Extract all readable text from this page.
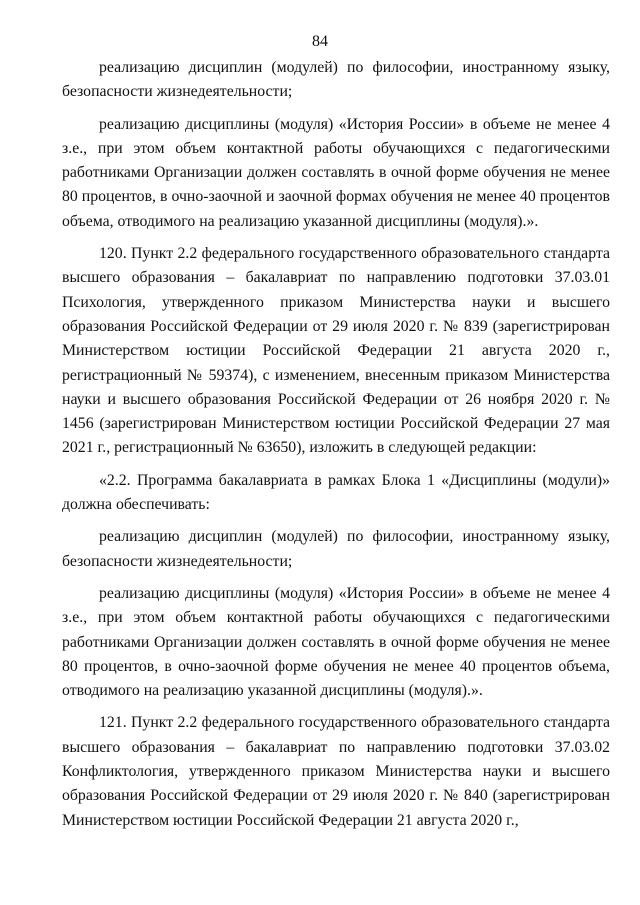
84

реализацию дисциплин (модулей) по философии, иностранному языку, безопасности жизнедеятельности;

реализацию дисциплины (модуля) «История России» в объеме не менее 4 з.е., при этом объем контактной работы обучающихся с педагогическими работниками Организации должен составлять в очной форме обучения не менее 80 процентов, в очно-заочной и заочной формах обучения не менее 40 процентов объема, отводимого на реализацию указанной дисциплины (модуля).».

120. Пункт 2.2 федерального государственного образовательного стандарта высшего образования – бакалавриат по направлению подготовки 37.03.01 Психология, утвержденного приказом Министерства науки и высшего образования Российской Федерации от 29 июля 2020 г. № 839 (зарегистрирован Министерством юстиции Российской Федерации 21 августа 2020 г., регистрационный № 59374), с изменением, внесенным приказом Министерства науки и высшего образования Российской Федерации от 26 ноября 2020 г. № 1456 (зарегистрирован Министерством юстиции Российской Федерации 27 мая 2021 г., регистрационный № 63650), изложить в следующей редакции:

«2.2. Программа бакалавриата в рамках Блока 1 «Дисциплины (модули)» должна обеспечивать:

реализацию дисциплин (модулей) по философии, иностранному языку, безопасности жизнедеятельности;

реализацию дисциплины (модуля) «История России» в объеме не менее 4 з.е., при этом объем контактной работы обучающихся с педагогическими работниками Организации должен составлять в очной форме обучения не менее 80 процентов, в очно-заочной форме обучения не менее 40 процентов объема, отводимого на реализацию указанной дисциплины (модуля).».

121. Пункт 2.2 федерального государственного образовательного стандарта высшего образования – бакалавриат по направлению подготовки 37.03.02 Конфликтология, утвержденного приказом Министерства науки и высшего образования Российской Федерации от 29 июля 2020 г. № 840 (зарегистрирован Министерством юстиции Российской Федерации 21 августа 2020 г.,
